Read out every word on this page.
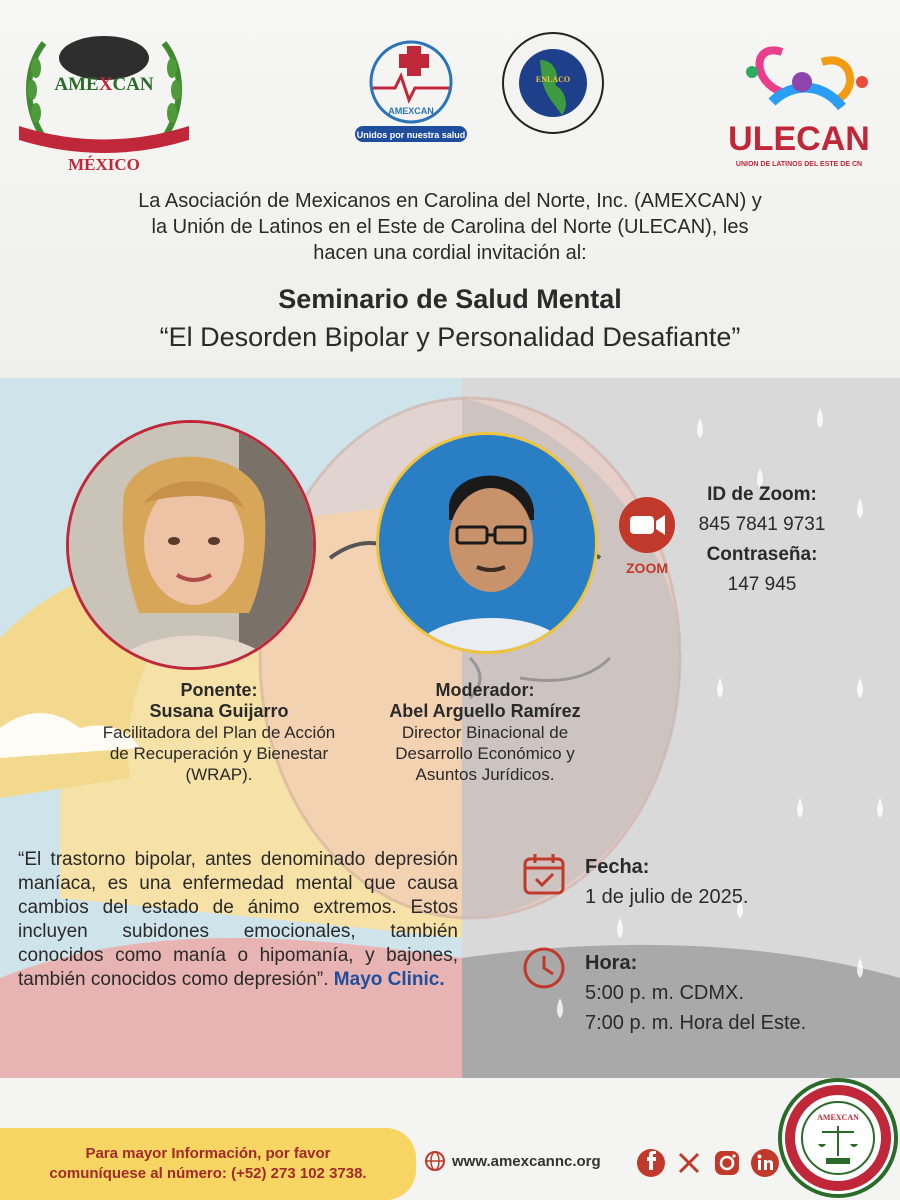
AMEXCAN
MÉXICO
AMEXCAN
Unidos por nuestra salud
ENLACO
ULECAN
UNION DE LATINOS DEL ESTE DE CN
La Asociación de Mexicanos en Carolina del Norte, Inc. (AMEXCAN) y
la Unión de Latinos en el Este de Carolina del Norte (ULECAN), les
hacen una cordial invitación al:
Seminario de Salud Mental
“El Desorden Bipolar y Personalidad Desafiante”
Ponente:
Susana Guijarro
Facilitadora del Plan de Acción
de Recuperación y Bienestar
(WRAP).
Moderador:
Abel Arguello Ramírez
Director Binacional de
Desarrollo Económico y
Asuntos Jurídicos.
ZOOM
ID de Zoom:
845 7841 9731
Contraseña:
147 945
“El trastorno bipolar, antes denominado depresión maníaca, es una enfermedad mental que causa cambios del estado de ánimo extremos. Estos incluyen subidones emocionales, también conocidos como manía o hipomanía, y bajones, también conocidos como depresión”. Mayo Clinic.
Fecha:
1 de julio de 2025.
Hora:
5:00 p. m. CDMX.
7:00 p. m. Hora del Este.
Para mayor Información, por favor
comuníquese al número: (+52) 273 102 3738.
www.amexcannc.org
AMEXCAN
